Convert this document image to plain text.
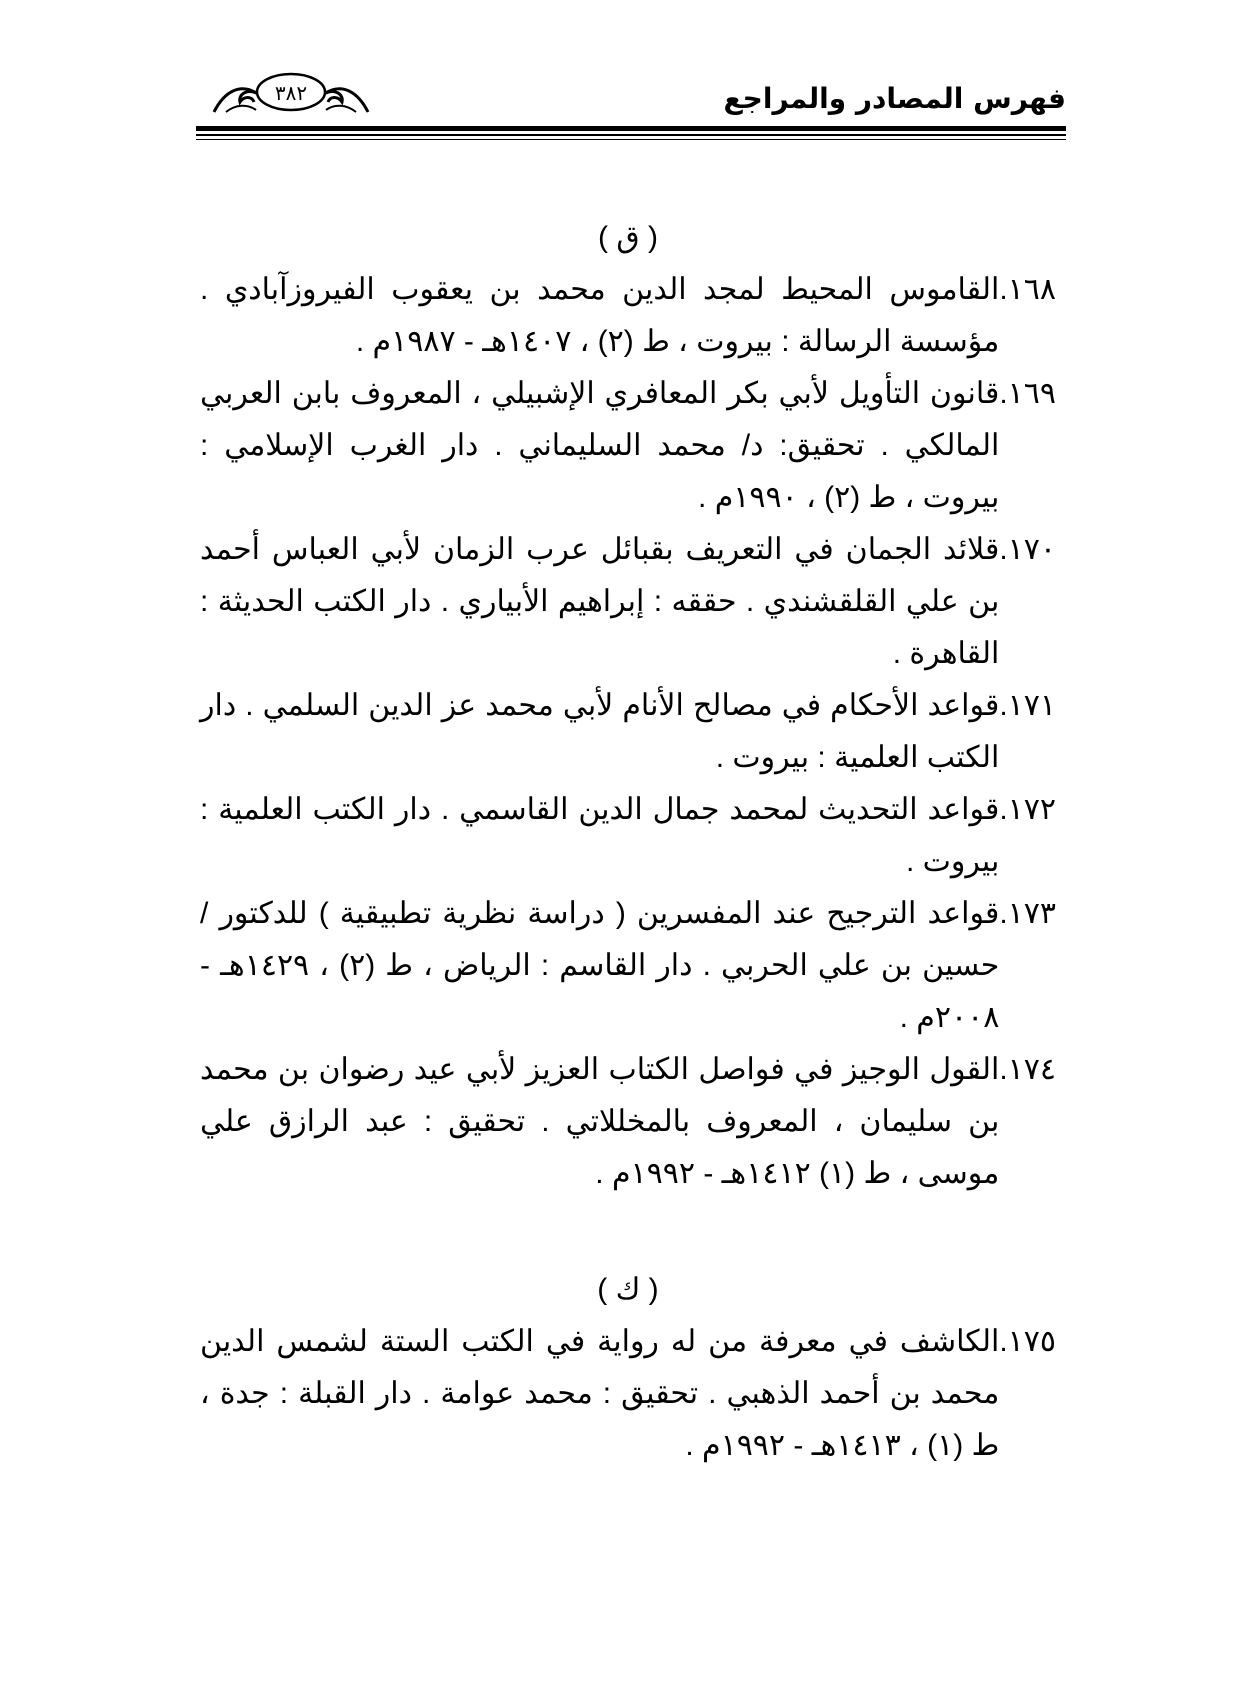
٣٨٢	فهرس المصادر والمراجع
( ق )
١٦٨.
القاموس المحيط لمجد الدين محمد بن يعقوب الفيروزآبادي . مؤسسة الرسالة : بيروت ، ط (٢) ، ١٤٠٧هـ - ١٩٨٧م .
١٦٩.
قانون التأويل لأبي بكر المعافري الإشبيلي ، المعروف بابن العربي المالكي . تحقيق: د/ محمد السليماني . دار الغرب الإسلامي : بيروت ، ط (٢) ، ١٩٩٠م .
١٧٠.
قلائد الجمان في التعريف بقبائل عرب الزمان لأبي العباس أحمد بن علي القلقشندي . حققه : إبراهيم الأبياري . دار الكتب الحديثة : القاهرة .
١٧١.
قواعد الأحكام في مصالح الأنام لأبي محمد عز الدين السلمي . دار الكتب العلمية : بيروت .
١٧٢.
قواعد التحديث لمحمد جمال الدين القاسمي . دار الكتب العلمية : بيروت .
١٧٣.
قواعد الترجيح عند المفسرين ( دراسة نظرية تطبيقية ) للدكتور / حسين بن علي الحربي . دار القاسم : الرياض ، ط (٢) ، ١٤٢٩هـ - ٢٠٠٨م .
١٧٤.
القول الوجيز في فواصل الكتاب العزيز لأبي عيد رضوان بن محمد بن سليمان ، المعروف بالمخللاتي . تحقيق : عبد الرازق علي موسى ، ط (١) ١٤١٢هـ - ١٩٩٢م .
( ك )
١٧٥.
الكاشف في معرفة من له رواية في الكتب الستة لشمس الدين محمد بن أحمد الذهبي . تحقيق : محمد عوامة . دار القبلة : جدة ، ط (١) ، ١٤١٣هـ - ١٩٩٢م .
